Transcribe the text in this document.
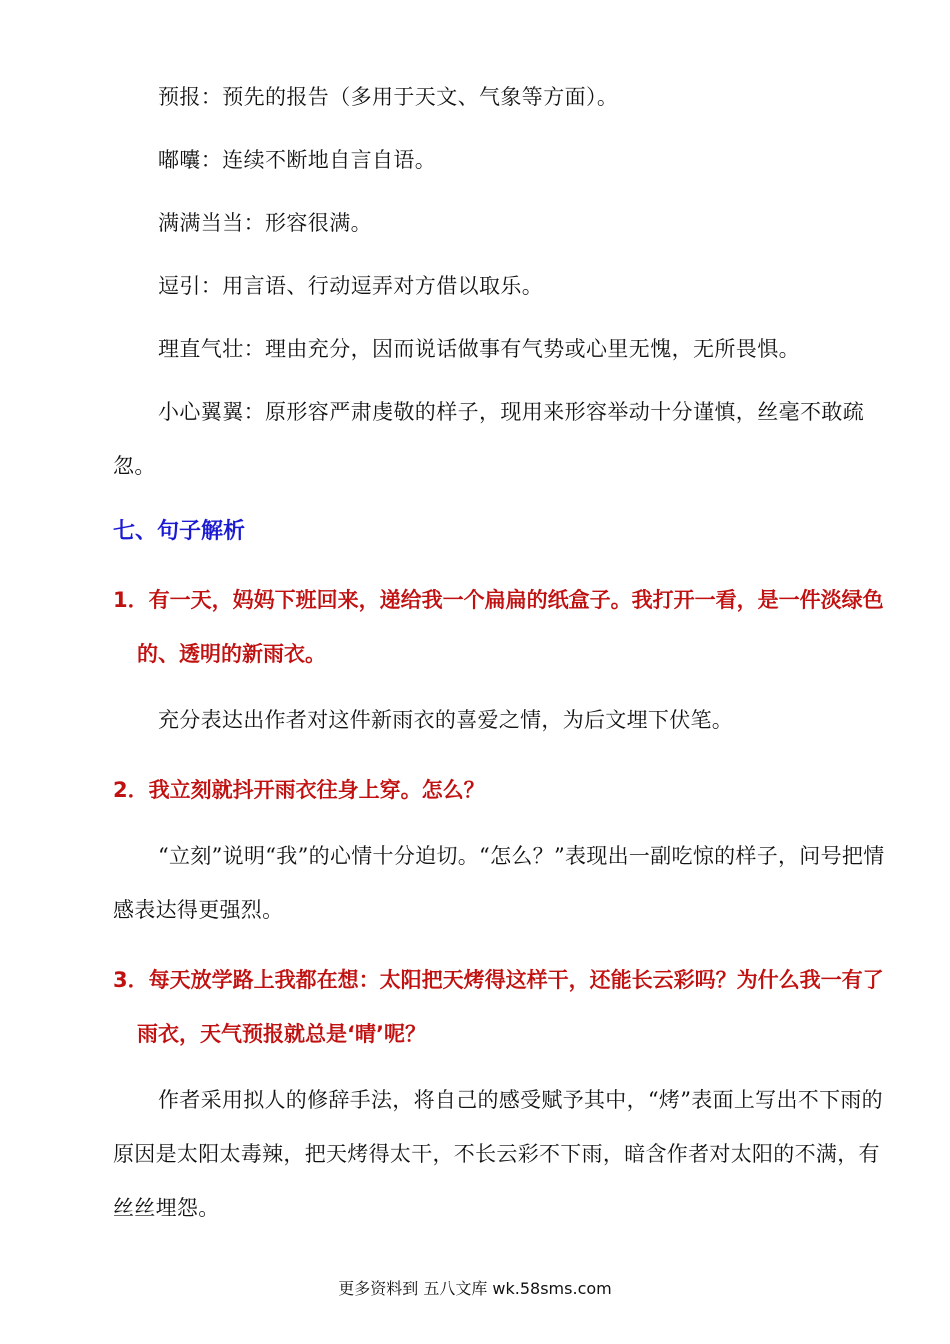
预报：预先的报告（多用于天文、气象等方面）。

嘟囔：连续不断地自言自语。

满满当当：形容很满。

逗引：用言语、行动逗弄对方借以取乐。

理直气壮：理由充分，因而说话做事有气势或心里无愧，无所畏惧。

小心翼翼：原形容严肃虔敬的样子，现用来形容举动十分谨慎，丝毫不敢疏忽。

七、句子解析
1．有一天，妈妈下班回来，递给我一个扁扁的纸盒子。我打开一看，是一件淡绿色的、透明的新雨衣。

充分表达出作者对这件新雨衣的喜爱之情，为后文埋下伏笔。

2．我立刻就抖开雨衣往身上穿。怎么？

“立刻”说明“我”的心情十分迫切。“怎么？”表现出一副吃惊的样子，问号把情感表达得更强烈。

3．每天放学路上我都在想：太阳把天烤得这样干，还能长云彩吗？为什么我一有了雨衣，天气预报就总是‘晴’呢？

作者采用拟人的修辞手法，将自己的感受赋予其中，“烤”表面上写出不下雨的原因是太阳太毒辣，把天烤得太干，不长云彩不下雨，暗含作者对太阳的不满，有丝丝埋怨。

更多资料到 五八文库 wk.58sms.com
